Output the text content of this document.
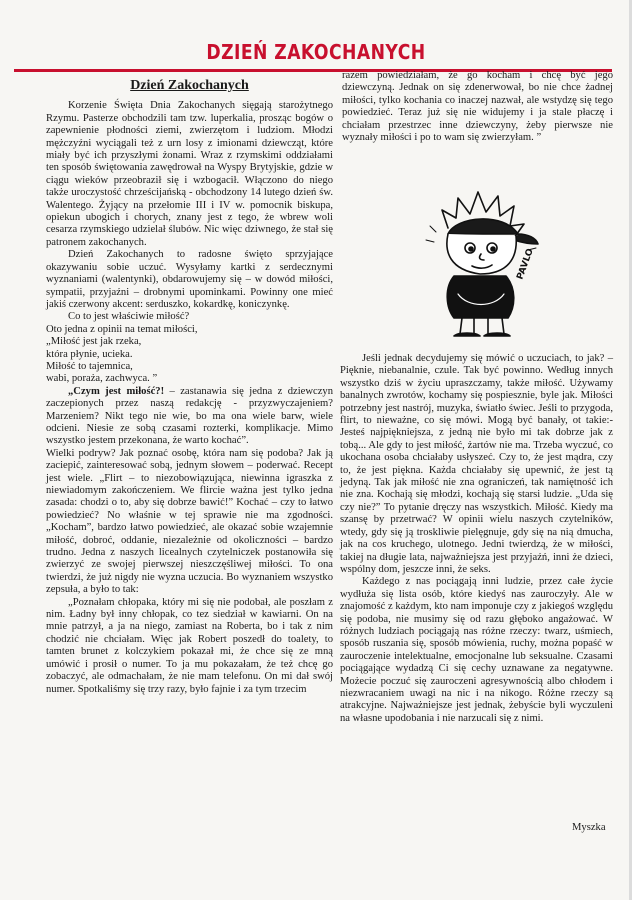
DZIEŃ ZAKOCHANYCH
Dzień Zakochanych

Korzenie Święta Dnia Zakochanych sięgają starożytnego Rzymu. Pasterze obchodzili tam tzw. luperkalia, prosząc bogów o zapewnienie płodności ziemi, zwierzętom i ludziom. Młodzi mężczyźni wyciągali też z urn losy z imionami dziewcząt, które miały być ich przyszłymi żonami. Wraz z rzymskimi oddziałami ten sposób świętowania zawędrował na Wyspy Brytyjskie, gdzie w ciągu wieków przeobraził się i wzbogacił. Włączono do niego także uroczystość chrześcijańską - obchodzony 14 lutego dzień św. Walentego. Żyjący na przełomie III i IV w. pomocnik biskupa, opiekun ubogich i chorych, znany jest z tego, że wbrew woli cesarza rzymskiego udzielał ślubów. Nic więc dziwnego, że stał się patronem zakochanych.

Dzień Zakochanych to radosne święto sprzyjające okazywaniu sobie uczuć. Wysyłamy kartki z serdecznymi wyznaniami (walentynki), obdarowujemy się – w dowód miłości, sympatii, przyjaźni – drobnymi upominkami. Powinny one mieć jakiś czerwony akcent: serduszko, kokardkę, koniczynkę.

Co to jest właściwie miłość?

Oto jedna z opinii na temat miłości,

„Miłość jest jak rzeka,

która płynie, ucieka.

Miłość to tajemnica,

wabi, poraża, zachwyca. ”

„Czym jest miłość?! – zastanawia się jedna z dziewczyn zaczepionych przez naszą redakcję - przyzwyczajeniem? Marzeniem? Nikt tego nie wie, bo ma ona wiele barw, wiele odcieni. Niesie ze sobą czasami rozterki, komplikacje. Mimo wszystko jestem przekonana, że warto kochać”.

Wielki podryw? Jak poznać osobę, która nam się podoba? Jak ją zaciepić, zainteresować sobą, jednym słowem – poderwać. Recept jest wiele. „Flirt – to niezobowiązująca, niewinna igraszka z niewiadomym zakończeniem. We flircie ważna jest tylko jedna zasada: chodzi o to, aby się dobrze bawić!” Kochać – czy to łatwo powiedzieć? No właśnie w tej sprawie nie ma zgodności. „Kocham”, bardzo łatwo powiedzieć, ale okazać sobie wzajemnie miłość, dobroć, oddanie, niezależnie od okoliczności – bardzo trudno. Jedna z naszych licealnych czytelniczek postanowiła się zwierzyć ze swojej pierwszej nieszczęśliwej miłości. To ona twierdzi, że już nigdy nie wyzna uczucia. Bo wyznaniem wszystko zepsuła, a było to tak:

„Poznałam chłopaka, który mi się nie podobał, ale poszłam z nim. Ładny był inny chłopak, co tez siedział w kawiarni. On na mnie patrzył, a ja na niego, zamiast na Roberta, bo i tak z nim chodzić nie chciałam. Więc jak Robert poszedł do toalety, to tamten brunet z kolczykiem pokazał mi, że chce się ze mną umówić i prosił o numer. To ja mu pokazałam, że też chcę go zobaczyć, ale odmachałam, że nie mam telefonu. On mi dał swój numer. Spotkaliśmy się trzy razy, było fajnie i za tym trzecim

razem powiedziałam, że go kocham i chcę być jego dziewczyną. Jednak on się zdenerwował, bo nie chce żadnej miłości, tylko kochania co inaczej nazwał, ale wstydzę się tego powiedzieć. Teraz już się nie widujemy i ja stale płaczę i chciałam przestrzec inne dziewczyny, żeby pierwsze nie wyznały miłości i po to wam się zwierzyłam. ”

PAVLO

Jeśli jednak decydujemy się mówić o uczuciach, to jak? – Pięknie, niebanalnie, czule. Tak być powinno. Według innych wszystko dziś w życiu upraszczamy, także miłość. Używamy banalnych zwrotów, kochamy się pospiesznie, byle jak. Miłości potrzebny jest nastrój, muzyka, światło świec. Jeśli to przygoda, flirt, to nieważne, co się mówi. Mogą być banały, ot takie:- Jesteś najpiękniejsza, z jedną nie było mi tak dobrze jak z tobą... Ale gdy to jest miłość, żartów nie ma. Trzeba wyczuć, co ukochana osoba chciałaby usłyszeć. Czy to, że jest mądra, czy to, że jest piękna. Każda chciałaby się upewnić, że jest tą jedyną. Tak jak miłość nie zna ograniczeń, tak namiętność ich nie zna. Kochają się młodzi, kochają się starsi ludzie. „Uda się czy nie?” To pytanie dręczy nas wszystkich. Miłość. Kiedy ma szansę by przetrwać? W opinii wielu naszych czytelników, wtedy, gdy się ją troskliwie pielęgnuje, gdy się na nią dmucha, jak na cos kruchego, ulotnego. Jedni twierdzą, że w miłości, takiej na długie lata, najważniejsza jest przyjaźń, inni że dzieci, wspólny dom, jeszcze inni, że seks.

Każdego z nas pociągają inni ludzie, przez całe życie wydłuża się lista osób, które kiedyś nas zauroczyły. Ale w znajomość z każdym, kto nam imponuje czy z jakiegoś względu się podoba, nie musimy się od razu głęboko angażować. W różnych ludziach pociągają nas różne rzeczy: twarz, uśmiech, sposób ruszania się, sposób mówienia, ruchy, można popaść w zauroczenie intelektualne, emocjonalne lub seksualne. Czasami pociągające wydadzą Ci się cechy uznawane za negatywne. Możecie poczuć się zauroczeni agresywnością albo chłodem i niezwracaniem uwagi na nic i na nikogo. Różne rzeczy są atrakcyjne. Najważniejsze jest jednak, żebyście byli wyczuleni na własne upodobania i nie narzucali się z nimi.

Myszka
